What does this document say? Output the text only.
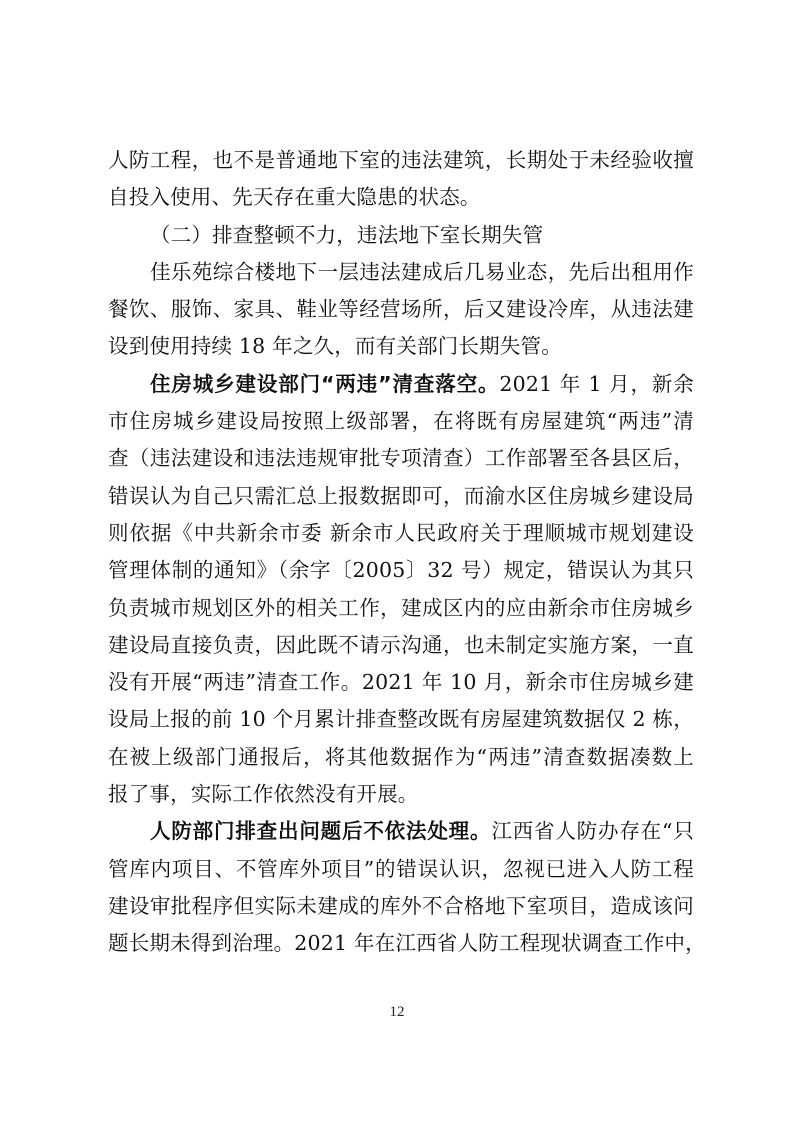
人防工程，也不是普通地下室的违法建筑，长期处于未经验收擅
自投入使用、先天存在重大隐患的状态。
（二）排查整顿不力，违法地下室长期失管
佳乐苑综合楼地下一层违法建成后几易业态，先后出租用作
餐饮、服饰、家具、鞋业等经营场所，后又建设冷库，从违法建
设到使用持续 18 年之久，而有关部门长期失管。
住房城乡建设部门“两违”清查落空。2021 年 1 月，新余
市住房城乡建设局按照上级部署，在将既有房屋建筑“两违”清
查（违法建设和违法违规审批专项清查）工作部署至各县区后，
错误认为自己只需汇总上报数据即可，而渝水区住房城乡建设局
则依据《中共新余市委 新余市人民政府关于理顺城市规划建设
管理体制的通知》（余字〔2005〕32 号）规定，错误认为其只
负责城市规划区外的相关工作，建成区内的应由新余市住房城乡
建设局直接负责，因此既不请示沟通，也未制定实施方案，一直
没有开展“两违”清查工作。2021 年 10 月，新余市住房城乡建
设局上报的前 10 个月累计排查整改既有房屋建筑数据仅 2 栋，
在被上级部门通报后，将其他数据作为“两违”清查数据凑数上
报了事，实际工作依然没有开展。
人防部门排查出问题后不依法处理。江西省人防办存在“只
管库内项目、不管库外项目”的错误认识，忽视已进入人防工程
建设审批程序但实际未建成的库外不合格地下室项目，造成该问
题长期未得到治理。2021 年在江西省人防工程现状调查工作中，
12
